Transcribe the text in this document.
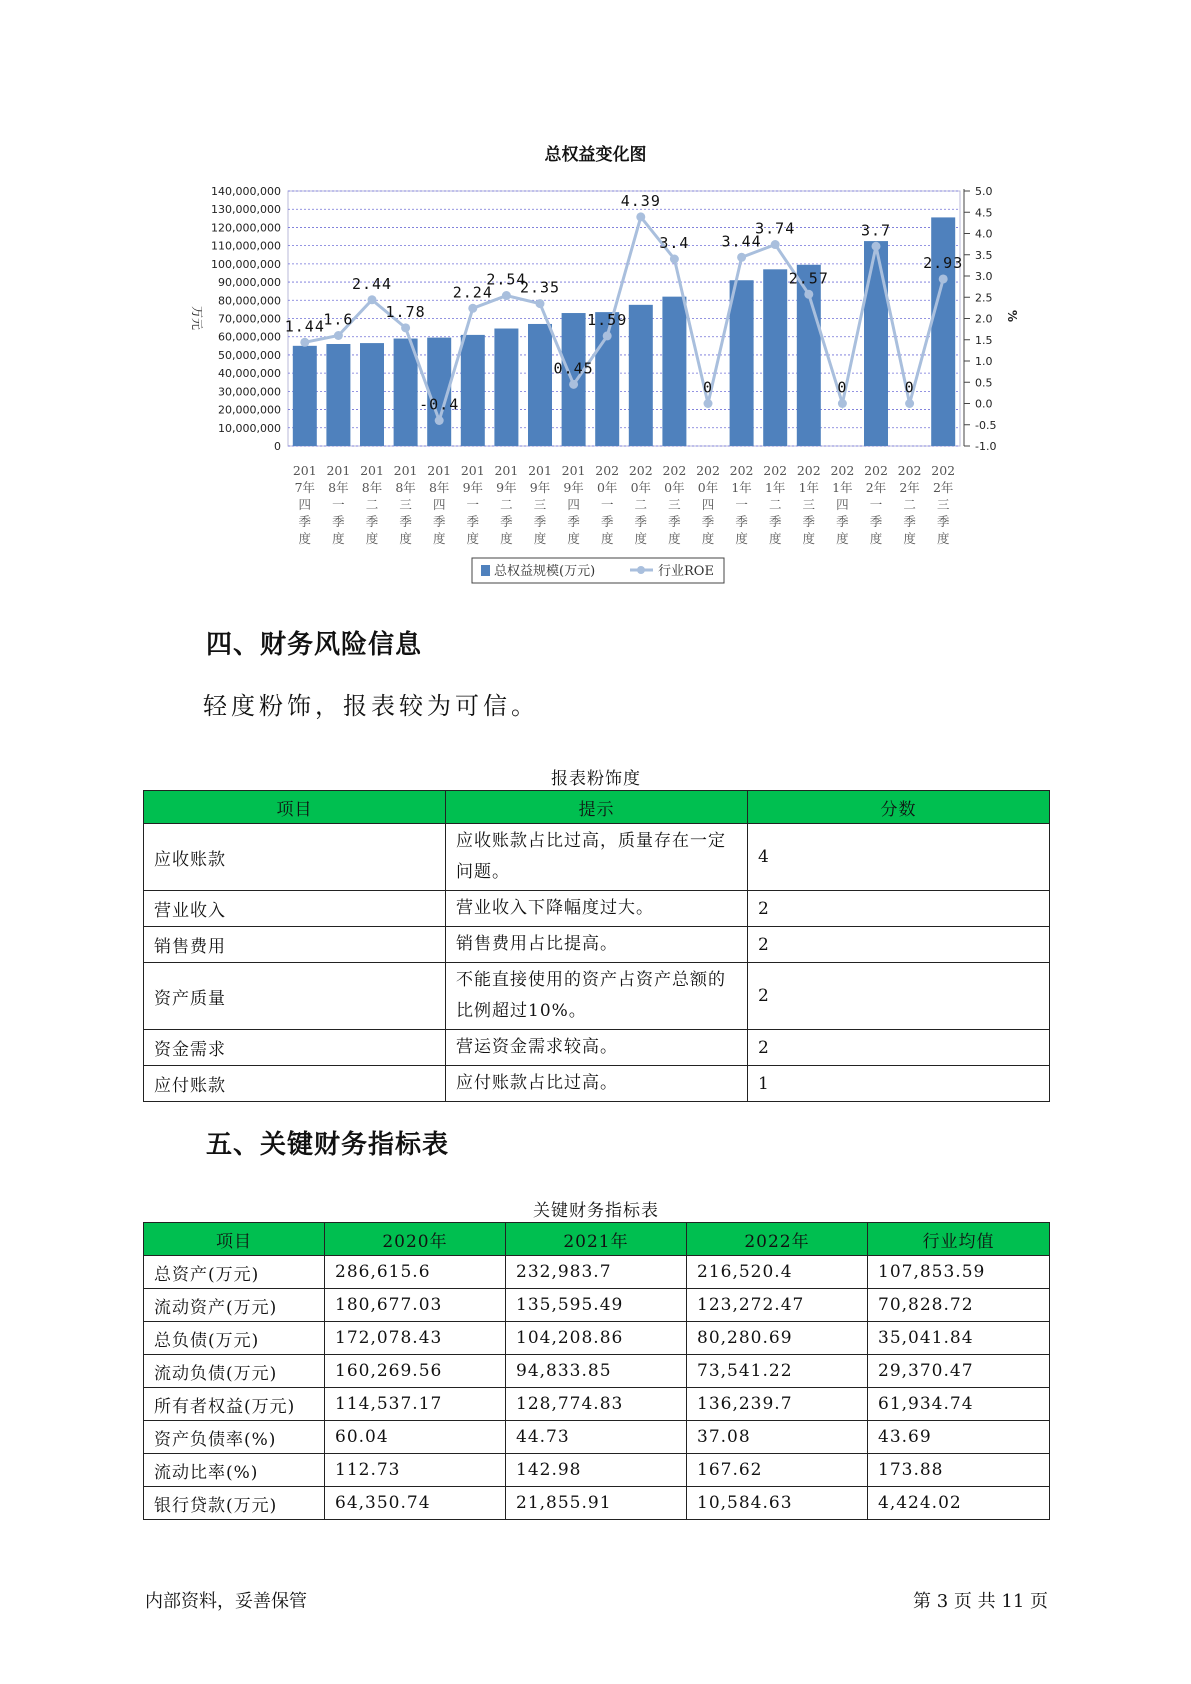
总权益变化图
0
10,000,000
20,000,000
30,000,000
40,000,000
50,000,000
60,000,000
70,000,000
80,000,000
90,000,000
100,000,000
110,000,000
120,000,000
130,000,000
140,000,000
-1.0
-0.5
0.0
0.5
1.0
1.5
2.0
2.5
3.0
3.5
4.0
4.5
5.0
万元	%
1.44
1.6
2.44
1.78
-0.4
2.24
2.54
2.35
0.45
1.59
4.39
3.4
0
3.44
3.74
2.57
0
3.7
0
2.93
201
7年
四
季
度
201
8年
一
季
度
201
8年
二
季
度
201
8年
三
季
度
201
8年
四
季
度
201
9年
一
季
度
201
9年
二
季
度
201
9年
三
季
度
201
9年
四
季
度
202
0年
一
季
度
202
0年
二
季
度
202
0年
三
季
度
202
0年
四
季
度
202
1年
一
季
度
202
1年
二
季
度
202
1年
三
季
度
202
1年
四
季
度
202
2年
一
季
度
202
2年
二
季
度
202
2年
三
季
度
总权益规模(万元)	行业ROE
四、财务风险信息
轻度粉饰，报表较为可信。
报表粉饰度
项目	提示	分数
应收账款	应收账款占比过高，质量存在一定问题。	4
营业收入	营业收入下降幅度过大。	2
销售费用	销售费用占比提高。	2
资产质量	不能直接使用的资产占资产总额的比例超过10%。	2
资金需求	营运资金需求较高。	2
应付账款	应付账款占比过高。	1
五、关键财务指标表
关键财务指标表
项目	2020年	2021年	2022年	行业均值
总资产(万元)	286,615.6	232,983.7	216,520.4	107,853.59
流动资产(万元)	180,677.03	135,595.49	123,272.47	70,828.72
总负债(万元)	172,078.43	104,208.86	80,280.69	35,041.84
流动负债(万元)	160,269.56	94,833.85	73,541.22	29,370.47
所有者权益(万元)	114,537.17	128,774.83	136,239.7	61,934.74
资产负债率(%)	60.04	44.73	37.08	43.69
流动比率(%)	112.73	142.98	167.62	173.88
银行贷款(万元)	64,350.74	21,855.91	10,584.63	4,424.02
内部资料，妥善保管	第 3 页 共 11 页
